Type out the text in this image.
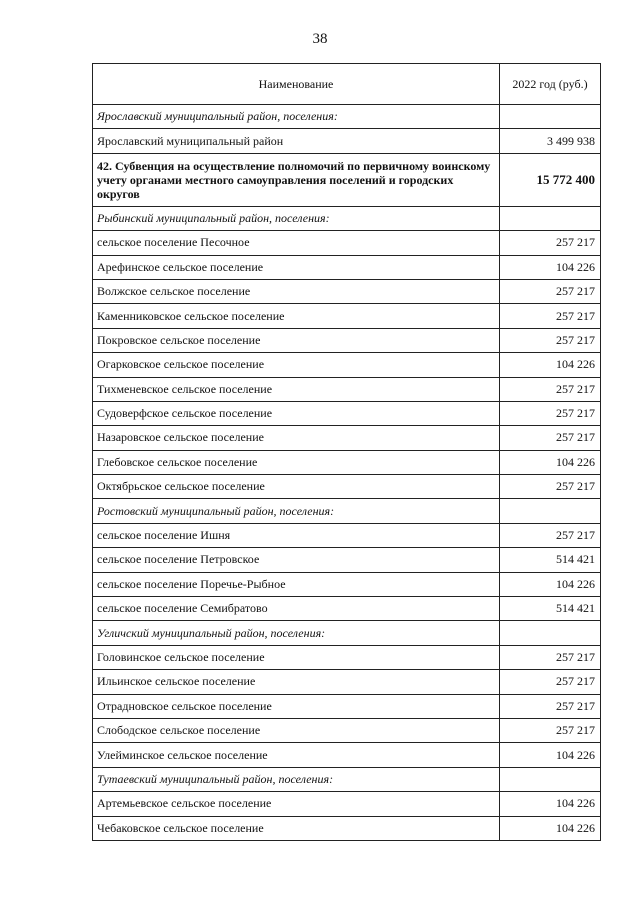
38
Наименование	2022 год (руб.)
Ярославский муниципальный район, поселения:	
Ярославский муниципальный район	3 499 938
42. Субвенция на осуществление полномочий по первичному воинскому учету органами местного самоуправления поселений и городских округов	15 772 400
Рыбинский муниципальный район, поселения:	
сельское поселение Песочное	257 217
Арефинское сельское поселение	104 226
Волжское сельское поселение	257 217
Каменниковское сельское поселение	257 217
Покровское сельское поселение	257 217
Огарковское сельское поселение	104 226
Тихменевское сельское поселение	257 217
Судоверфское сельское поселение	257 217
Назаровское сельское поселение	257 217
Глебовское сельское поселение	104 226
Октябрьское сельское поселение	257 217
Ростовский муниципальный район, поселения:	
сельское поселение Ишня	257 217
сельское поселение Петровское	514 421
сельское поселение Поречье-Рыбное	104 226
сельское поселение Семибратово	514 421
Угличский муниципальный район, поселения:	
Головинское сельское поселение	257 217
Ильинское сельское поселение	257 217
Отрадновское сельское поселение	257 217
Слободское сельское поселение	257 217
Улейминское сельское поселение	104 226
Тутаевский муниципальный район, поселения:	
Артемьевское сельское поселение	104 226
Чебаковское сельское поселение	104 226
